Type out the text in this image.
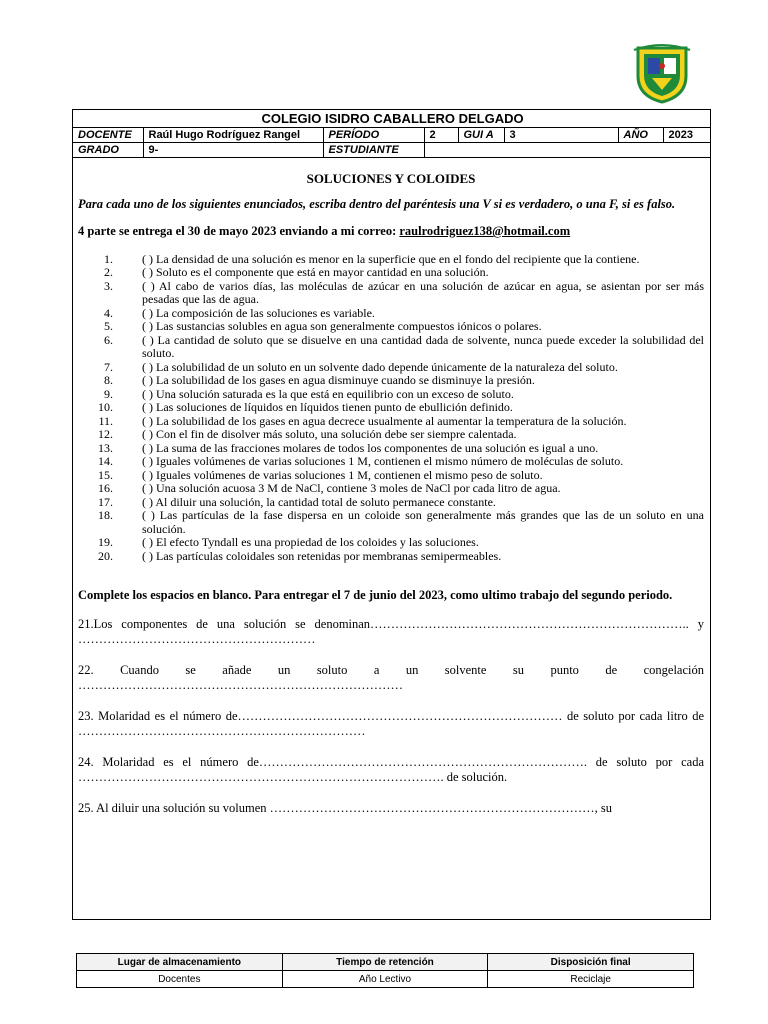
COLEGIO ISIDRO CABALLERO DELGADO							
DOCENTE	Raúl Hugo Rodríguez Rangel	PERÍODO	2	GUI A	3	AÑO	2023
GRADO	9-	ESTUDIANTE					
SOLUCIONES Y COLOIDES
Para cada uno de los siguientes enunciados, escriba dentro del paréntesis una V si es verdadero, o una F, si es falso.
4 parte se entrega el 30 de mayo 2023 enviando a mi correo: raulrodriguez138@hotmail.com
1. ( ) La densidad de una solución es menor en la superficie que en el fondo del recipiente que la contiene.
2. ( ) Soluto es el componente que está en mayor cantidad en una solución.
3. ( ) Al cabo de varios días, las moléculas de azúcar en una solución de azúcar en agua, se asientan por ser más pesadas que las de agua.
4. ( ) La composición de las soluciones es variable.
5. ( ) Las sustancias solubles en agua son generalmente compuestos iónicos o polares.
6. ( ) La cantidad de soluto que se disuelve en una cantidad dada de solvente, nunca puede exceder la solubilidad del soluto.
7. ( ) La solubilidad de un soluto en un solvente dado depende únicamente de la naturaleza del soluto.
8. ( ) La solubilidad de los gases en agua disminuye cuando se disminuye la presión.
9. ( ) Una solución saturada es la que está en equilibrio con un exceso de soluto.
10. ( ) Las soluciones de líquidos en líquidos tienen punto de ebullición definido.
11. ( ) La solubilidad de los gases en agua decrece usualmente al aumentar la temperatura de la solución.
12. ( ) Con el fin de disolver más soluto, una solución debe ser siempre calentada.
13. ( ) La suma de las fracciones molares de todos los componentes de una solución es igual a uno.
14. ( ) Iguales volúmenes de varias soluciones 1 M, contienen el mismo número de moléculas de soluto.
15. ( ) Iguales volúmenes de varias soluciones 1 M, contienen el mismo peso de soluto.
16. ( ) Una solución acuosa 3 M de NaCl, contiene 3 moles de NaCl por cada litro de agua.
17. ( ) Al diluir una solución, la cantidad total de soluto permanece constante.
18. ( ) Las partículas de la fase dispersa en un coloide son generalmente más grandes que las de un soluto en una solución.
19. ( ) El efecto Tyndall es una propiedad de los coloides y las soluciones.
20. ( ) Las partículas coloidales son retenidas por membranas semipermeables.
Complete los espacios en blanco. Para entregar el 7 de junio del 2023, como ultimo trabajo del segundo periodo.
21.Los componentes de una solución se denominan………………………………………………………………….. y …………………………………………………
22. Cuando se añade un soluto a un solvente su punto de congelación ……………………………………………………………………
23. Molaridad es el número de…………………………………………………………………… de soluto por cada litro de ……………………………………………………………
24. Molaridad es el número de……………………………………………………………………. de soluto por cada ……………………………………………………………………………. de solución.
25. Al diluir una solución su volumen ……………………………………………………………………, su
Lugar de almacenamiento	Tiempo de retención	Disposición final
Docentes	Año Lectivo	Reciclaje
